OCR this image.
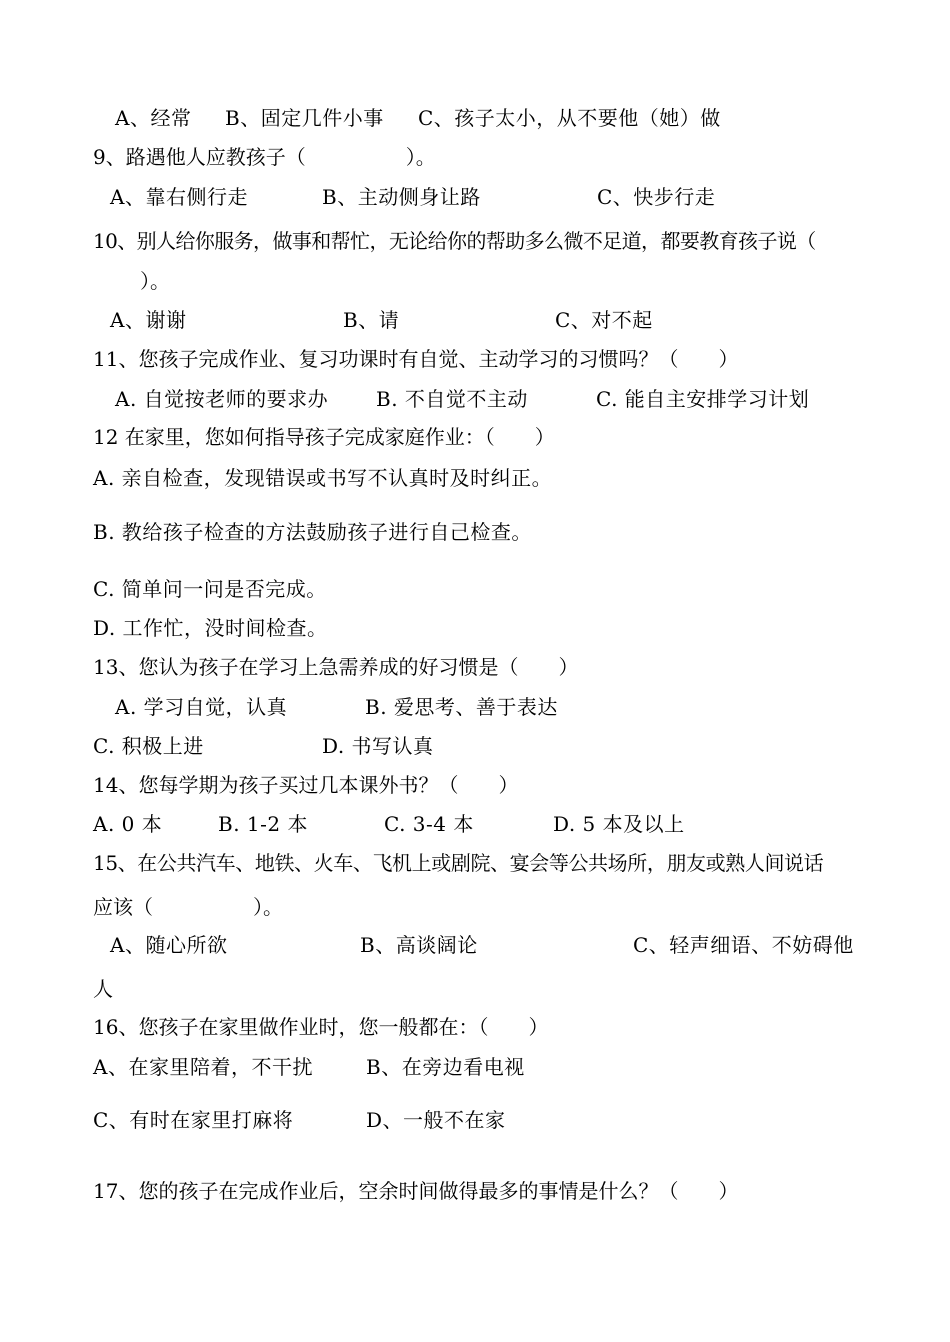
A、经常 B、固定几件小事 C、孩子太小，从不要他（她）做
9、路遇他人应教孩子（　　　　　）。
A、靠右侧行走	B、主动侧身让路	C、快步行走
10、别人给你服务，做事和帮忙，无论给你的帮助多么微不足道，都要教育孩子说（
）。
A、谢谢	B、请	C、对不起
11、您孩子完成作业、复习功课时有自觉、主动学习的习惯吗？（　　）
A. 自觉按老师的要求办 B. 不自觉不主动	C. 能自主安排学习计划
12 在家里，您如何指导孩子完成家庭作业：（　　）
A. 亲自检查，发现错误或书写不认真时及时纠正。
B. 教给孩子检查的方法鼓励孩子进行自己检查。
C. 简单问一问是否完成。
D. 工作忙，没时间检查。
13、您认为孩子在学习上急需养成的好习惯是（　　）
A. 学习自觉，认真	B. 爱思考、善于表达
C. 积极上进	D. 书写认真
14、您每学期为孩子买过几本课外书？（　　）
A. 0 本	B. 1-2 本	C. 3-4 本	D. 5 本及以上
15、在公共汽车、地铁、火车、飞机上或剧院、宴会等公共场所，朋友或熟人间说话
应该（　　　　　）。
A、随心所欲	B、高谈阔论	C、轻声细语、不妨碍他
人
16、您孩子在家里做作业时，您一般都在：（　　）
A、在家里陪着，不干扰	B、在旁边看电视
C、有时在家里打麻将	D、一般不在家
17、您的孩子在完成作业后，空余时间做得最多的事情是什么？（　　）
